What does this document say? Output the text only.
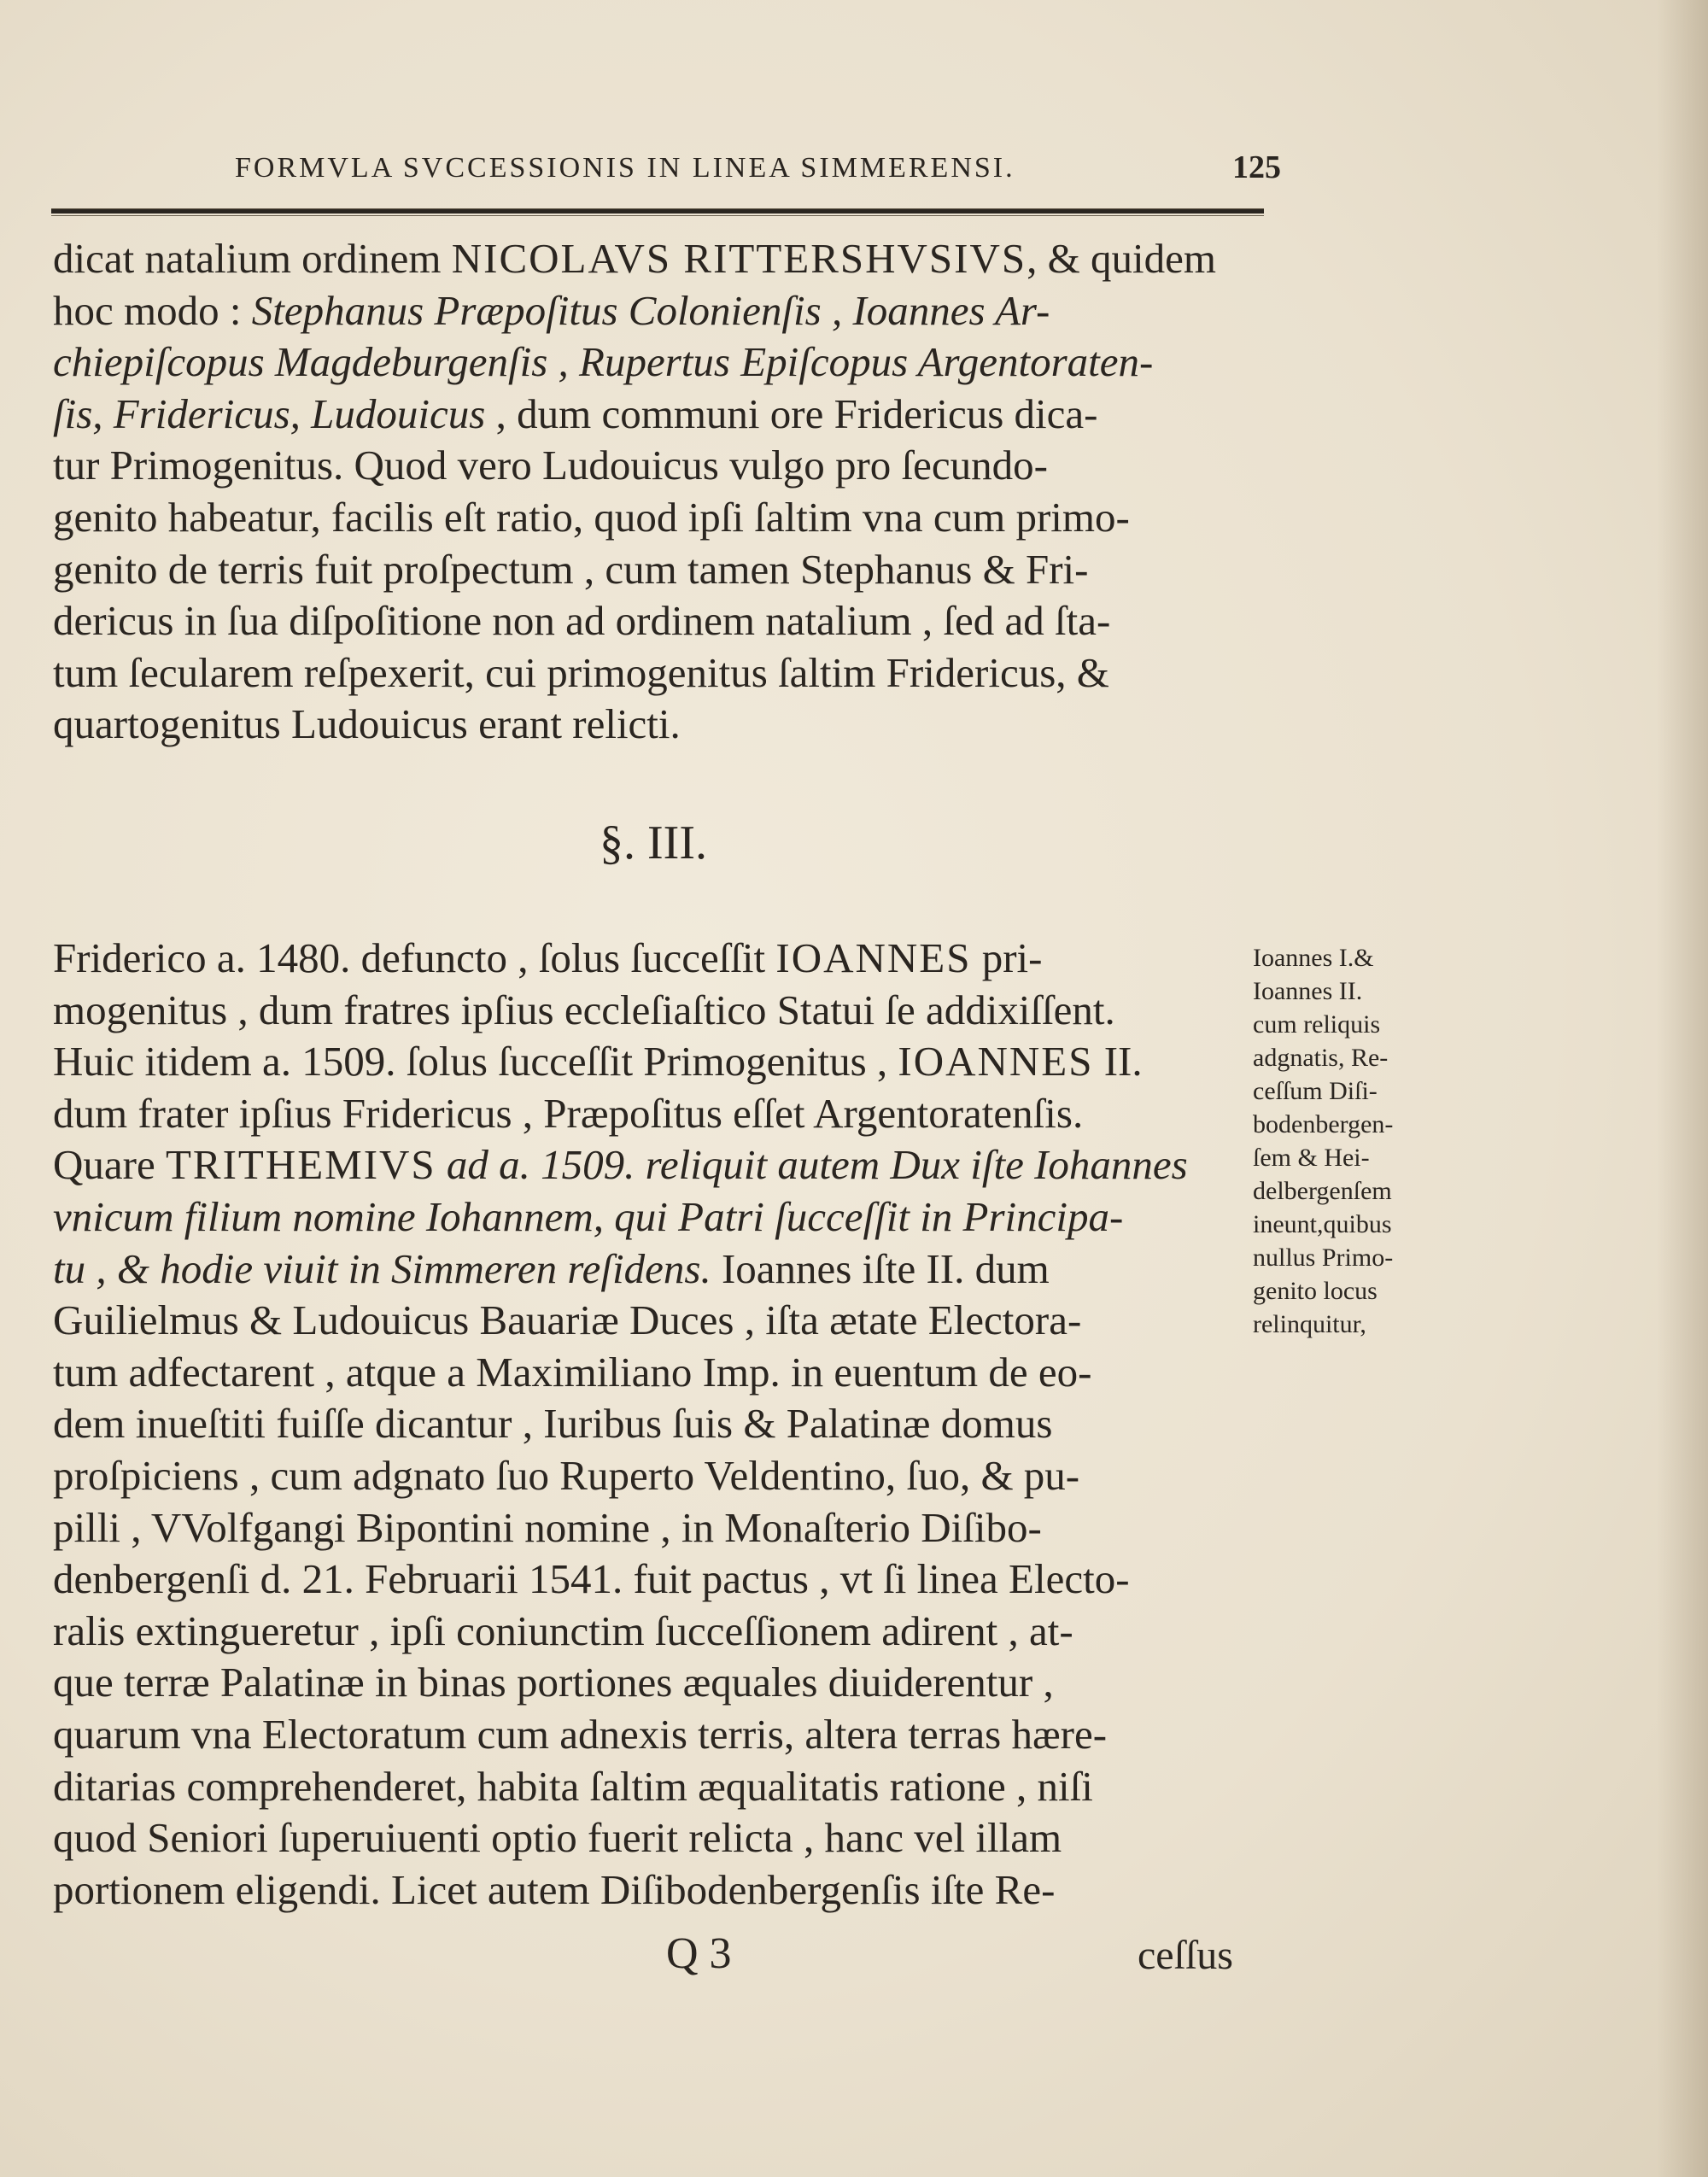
FORMVLA SVCCESSIONIS IN LINEA SIMMERENSI.	125
dicat natalium ordinem NICOLAVS RITTERSHVSIVS, & quidem
hoc modo : Stephanus Præpoſitus Colonienſis , Ioannes Ar-
chiepiſcopus Magdeburgenſis , Rupertus Epiſcopus Argentoraten-
ſis, Fridericus, Ludouicus , dum communi ore Fridericus dica-
tur Primogenitus. Quod vero Ludouicus vulgo pro ſecundo-
genito habeatur, facilis eſt ratio, quod ipſi ſaltim vna cum primo-
genito de terris fuit proſpectum , cum tamen Stephanus & Fri-
dericus in ſua diſpoſitione non ad ordinem natalium , ſed ad ſta-
tum ſecularem reſpexerit, cui primogenitus ſaltim Fridericus, &
quartogenitus Ludouicus erant relicti.
§. III.
Friderico a. 1480. defuncto , ſolus ſucceſſit IOANNES pri-
mogenitus , dum fratres ipſius eccleſiaſtico Statui ſe addixiſſent.
Huic itidem a. 1509. ſolus ſucceſſit Primogenitus , IOANNES II.
dum frater ipſius Fridericus , Præpoſitus eſſet Argentoratenſis.
Quare TRITHEMIVS ad a. 1509. reliquit autem Dux iſte Iohannes
vnicum filium nomine Iohannem, qui Patri ſucceſſit in Principa-
tu , & hodie viuit in Simmeren reſidens. Ioannes iſte II. dum
Guilielmus & Ludouicus Bauariæ Duces , iſta ætate Electora-
tum adfectarent , atque a Maximiliano Imp. in euentum de eo-
dem inueſtiti fuiſſe dicantur , Iuribus ſuis & Palatinæ domus
proſpiciens , cum adgnato ſuo Ruperto Veldentino, ſuo, & pu-
pilli , VVolfgangi Bipontini nomine , in Monaſterio Diſibo-
denbergenſi d. 21. Februarii 1541. fuit pactus , vt ſi linea Electo-
ralis extingueretur , ipſi coniunctim ſucceſſionem adirent , at-
que terræ Palatinæ in binas portiones æquales diuiderentur ,
quarum vna Electoratum cum adnexis terris, altera terras hære-
ditarias comprehenderet, habita ſaltim æqualitatis ratione , niſi
quod Seniori ſuperuiuenti optio fuerit relicta , hanc vel illam
portionem eligendi. Licet autem Diſibodenbergenſis iſte Re-
Ioannes I.&
Ioannes II.
cum reliquis
adgnatis, Re-
ceſſum Diſi-
bodenbergen-
ſem & Hei-
delbergenſem
ineunt,quibus
nullus Primo-
genito locus
relinquitur,
Q 3	ceſſus
